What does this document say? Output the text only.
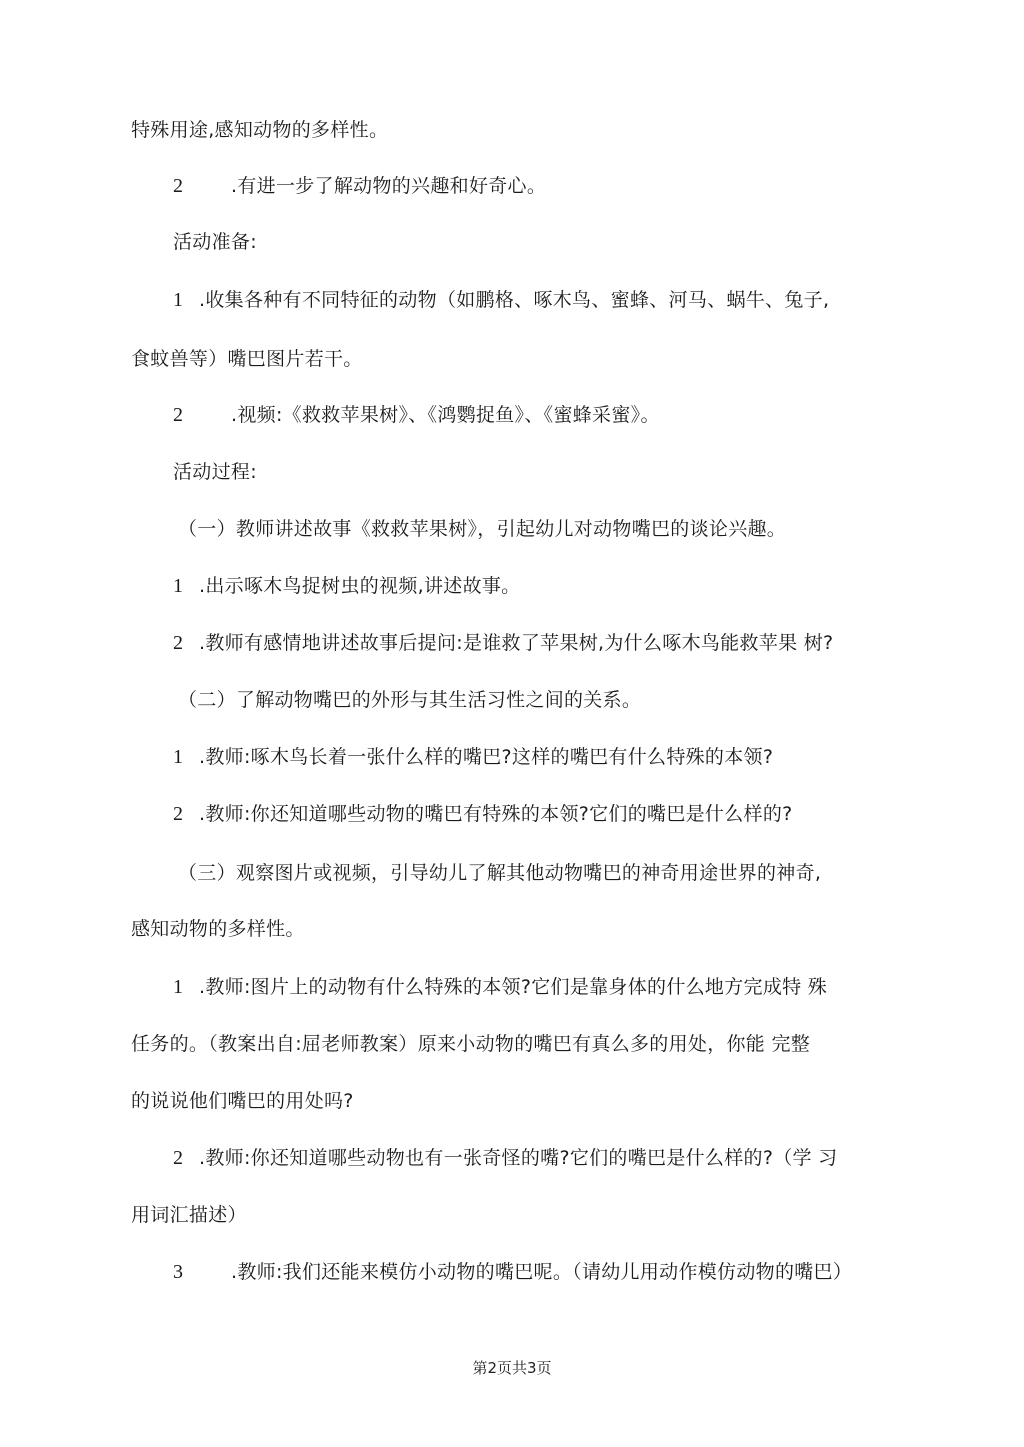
特殊用途,感知动物的多样性。
2	.有进一步了解动物的兴趣和好奇心。
活动准备:
1 .收集各种有不同特征的动物（如鹏格、啄木鸟、蜜蜂、河马、蜗牛、兔子,
食蚊兽等）嘴巴图片若干。
2	.视频:《救救苹果树》、《鸿鹦捉鱼》、《蜜蜂采蜜》。
活动过程:
（一）教师讲述故事《救救苹果树》，引起幼儿对动物嘴巴的谈论兴趣。
1 .出示啄木鸟捉树虫的视频,讲述故事。
2 .教师有感情地讲述故事后提问:是谁救了苹果树,为什么啄木鸟能救苹果 树?
（二）了解动物嘴巴的外形与其生活习性之间的关系。
1 .教师:啄木鸟长着一张什么样的嘴巴?这样的嘴巴有什么特殊的本领?
2 .教师:你还知道哪些动物的嘴巴有特殊的本领?它们的嘴巴是什么样的?
（三）观察图片或视频，引导幼儿了解其他动物嘴巴的神奇用途世界的神奇,
感知动物的多样性。
1 .教师:图片上的动物有什么特殊的本领?它们是靠身体的什么地方完成特 殊
任务的。（教案出自:屈老师教案）原来小动物的嘴巴有真么多的用处，你能 完整
的说说他们嘴巴的用处吗?
2 .教师:你还知道哪些动物也有一张奇怪的嘴?它们的嘴巴是什么样的?（学 习
用词汇描述）
3	.教师:我们还能来模仿小动物的嘴巴呢。（请幼儿用动作模仿动物的嘴巴）
第2页共3页
